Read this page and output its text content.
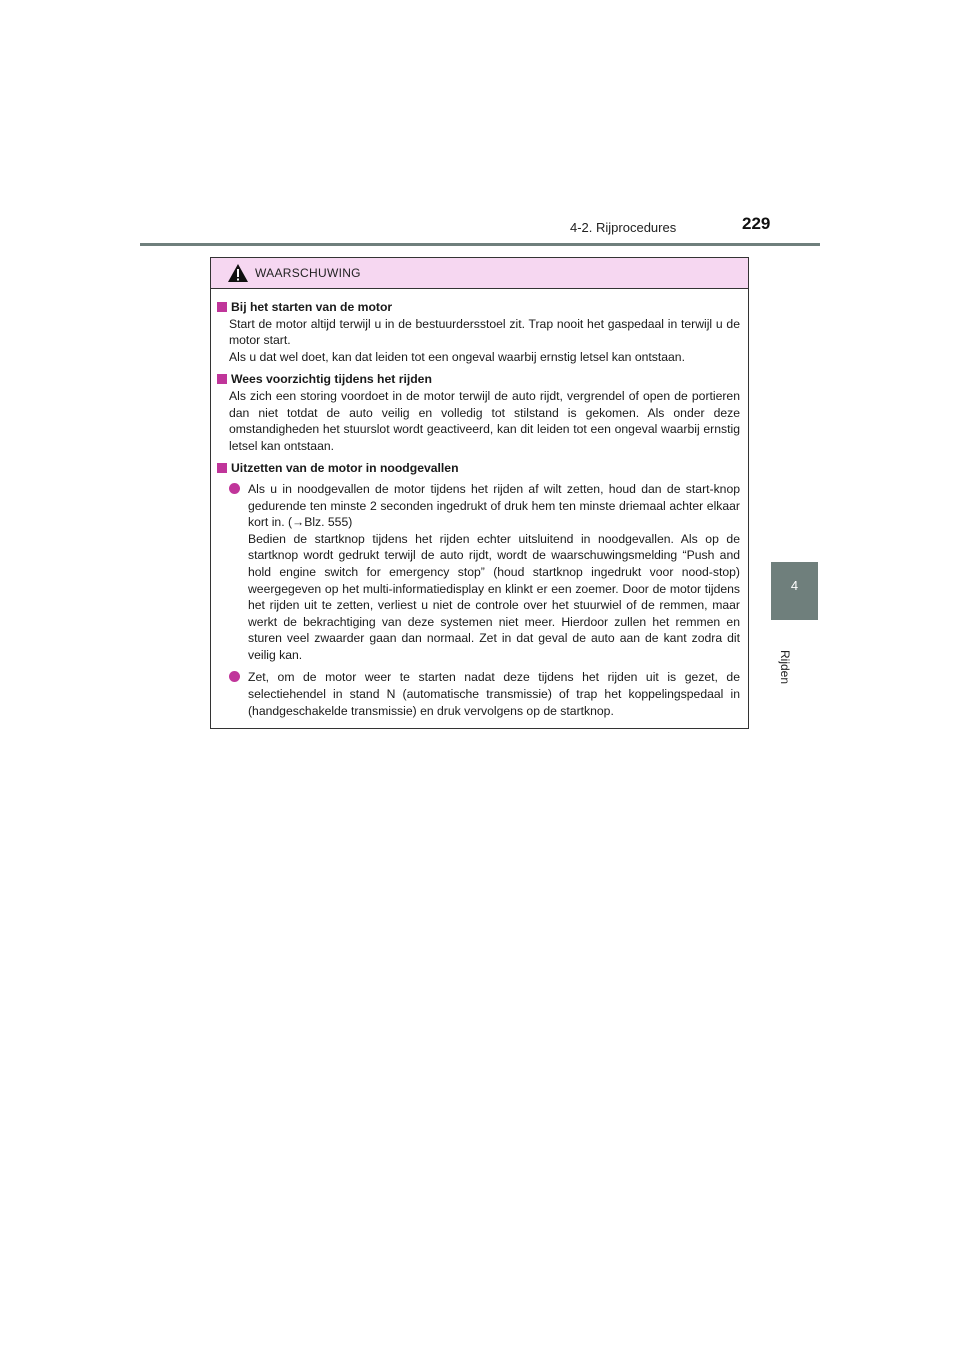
4-2. Rijprocedures	229
4
Rijden
WAARSCHUWING
Bij het starten van de motor
Start de motor altijd terwijl u in de bestuurdersstoel zit. Trap nooit het gaspedaal in terwijl u de motor start.
Als u dat wel doet, kan dat leiden tot een ongeval waarbij ernstig letsel kan ontstaan.
Wees voorzichtig tijdens het rijden
Als zich een storing voordoet in de motor terwijl de auto rijdt, vergrendel of open de portieren dan niet totdat de auto veilig en volledig tot stilstand is gekomen. Als onder deze omstandigheden het stuurslot wordt geactiveerd, kan dit leiden tot een ongeval waarbij ernstig letsel kan ontstaan.
Uitzetten van de motor in noodgevallen
Als u in noodgevallen de motor tijdens het rijden af wilt zetten, houd dan de start-knop gedurende ten minste 2 seconden ingedrukt of druk hem ten minste driemaal achter elkaar kort in. (→Blz. 555)
Bedien de startknop tijdens het rijden echter uitsluitend in noodgevallen. Als op de startknop wordt gedrukt terwijl de auto rijdt, wordt de waarschuwingsmelding “Push and hold engine switch for emergency stop” (houd startknop ingedrukt voor nood-stop) weergegeven op het multi-informatiedisplay en klinkt er een zoemer. Door de motor tijdens het rijden uit te zetten, verliest u niet de controle over het stuurwiel of de remmen, maar werkt de bekrachtiging van deze systemen niet meer. Hierdoor zullen het remmen en sturen veel zwaarder gaan dan normaal. Zet in dat geval de auto aan de kant zodra dit veilig kan.
Zet, om de motor weer te starten nadat deze tijdens het rijden uit is gezet, de selectiehendel in stand N (automatische transmissie) of trap het koppelingspedaal in (handgeschakelde transmissie) en druk vervolgens op de startknop.
